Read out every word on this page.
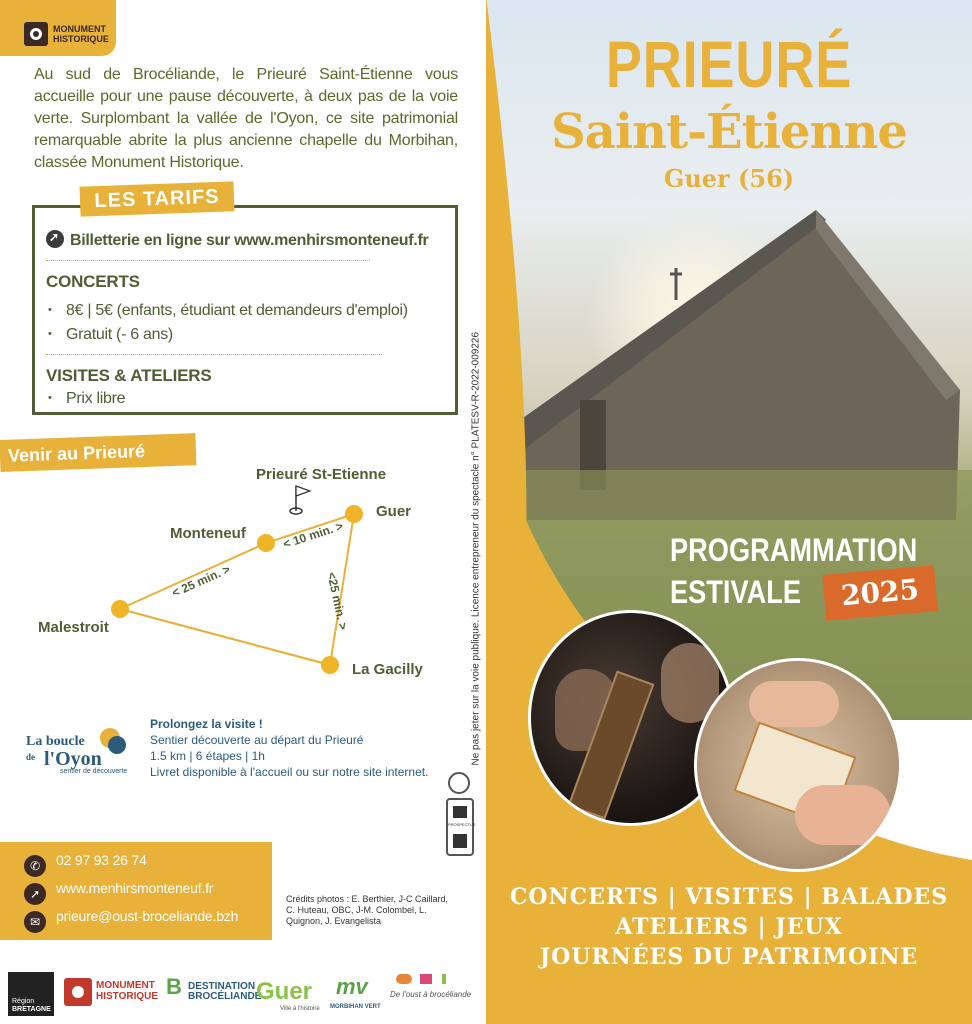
MONUMENT
HISTORIQUE
Au sud de Brocéliande, le Prieuré Saint-Étienne vous accueille pour une pause découverte, à deux pas de la voie verte. Surplombant la vallée de l'Oyon, ce site patrimonial remarquable abrite la plus ancienne chapelle du Morbihan, classée Monument Historique.
LES TARIFS
➚Billetterie en ligne sur www.menhirsmonteneuf.fr
CONCERTS
• 8€ | 5€ (enfants, étudiant et demandeurs d'emploi)
• Gratuit (- 6 ans)
VISITES & ATELIERS
• Prix libre
Venir au Prieuré
Prieuré St-Etienne
Guer
Monteneuf
Malestroit
La Gacilly
< 10 min. >
< 25 min. >	<25 min. >
La boucle
de l'Oyon
sentier de découverte
Prolongez la visite !
Sentier découverte au départ du Prieuré
1.5 km | 6 étapes | 1h
Livret disponible à l'accueil ou sur notre site internet.
Ne pas jeter sur la voie publique. Licence entrepreneur du spectacle n° PLATESV-R-2022-009226
PROSPECTUS
✆ 02 97 93 26 74
➚ www.menhirsmonteneuf.fr
✉ prieure@oust-broceliande.bzh
Crédits photos : E. Berthier, J-C Caillard, C. Huteau, OBC, J-M. Colombel, L. Quignon, J. Evangelista
Région
BRETAGNE
MONUMENT
HISTORIQUE B DESTINATION
BROCÉLIANDE
Guer
Ville à l'histoire
mv
MORBIHAN VERT
De l'oust à brocéliande
PRIEURÉ
Saint-Étienne
Guer (56)
PROGRAMMATION
ESTIVALE	2025
CONCERTS | VISITES | BALADES
ATELIERS | JEUX
JOURNÉES DU PATRIMOINE
